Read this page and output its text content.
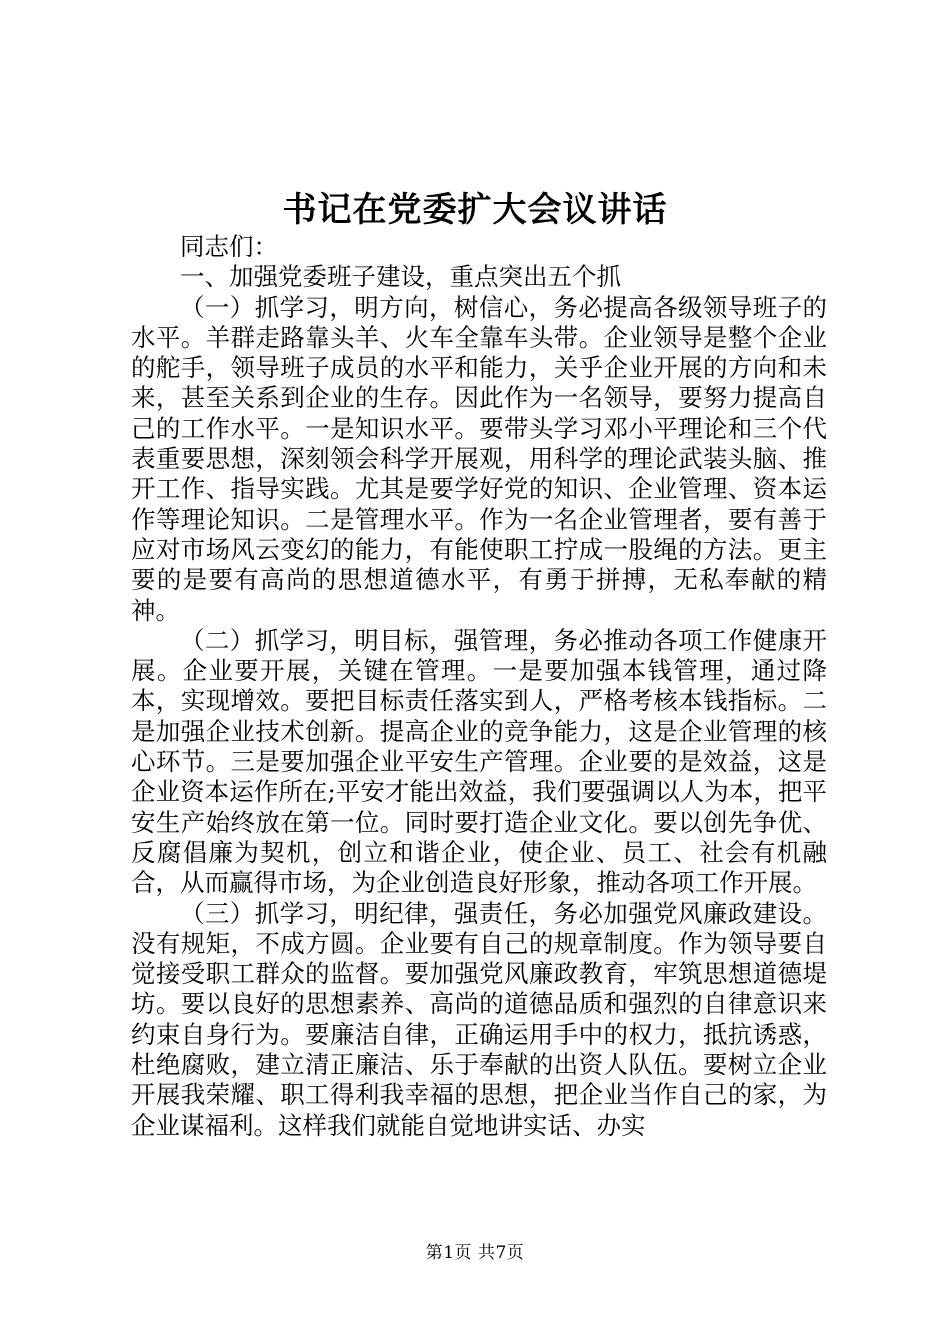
书记在党委扩大会议讲话

同志们：

一、加强党委班子建设，重点突出五个抓

（一）抓学习，明方向，树信心，务必提高各级领导班子的水平。羊群走路靠头羊、火车全靠车头带。企业领导是整个企业的舵手，领导班子成员的水平和能力，关乎企业开展的方向和未来，甚至关系到企业的生存。因此作为一名领导，要努力提高自己的工作水平。一是知识水平。要带头学习邓小平理论和三个代表重要思想，深刻领会科学开展观，用科学的理论武装头脑、推开工作、指导实践。尤其是要学好党的知识、企业管理、资本运作等理论知识。二是管理水平。作为一名企业管理者，要有善于应对市场风云变幻的能力，有能使职工拧成一股绳的方法。更主要的是要有高尚的思想道德水平，有勇于拼搏，无私奉献的精神。

（二）抓学习，明目标，强管理，务必推动各项工作健康开展。企业要开展，关键在管理。一是要加强本钱管理，通过降本，实现增效。要把目标责任落实到人，严格考核本钱指标。二是加强企业技术创新。提高企业的竞争能力，这是企业管理的核心环节。三是要加强企业平安生产管理。企业要的是效益，这是企业资本运作所在;平安才能出效益，我们要强调以人为本，把平安生产始终放在第一位。同时要打造企业文化。要以创先争优、反腐倡廉为契机，创立和谐企业，使企业、员工、社会有机融合，从而赢得市场，为企业创造良好形象，推动各项工作开展。

（三）抓学习，明纪律，强责任，务必加强党风廉政建设。没有规矩，不成方圆。企业要有自己的规章制度。作为领导要自觉接受职工群众的监督。要加强党风廉政教育，牢筑思想道德堤坊。要以良好的思想素养、高尚的道德品质和强烈的自律意识来约束自身行为。要廉洁自律，正确运用手中的权力，抵抗诱惑，杜绝腐败，建立清正廉洁、乐于奉献的出资人队伍。要树立企业开展我荣耀、职工得利我幸福的思想，把企业当作自己的家，为企业谋福利。这样我们就能自觉地讲实话、办实

第1页 共7页
